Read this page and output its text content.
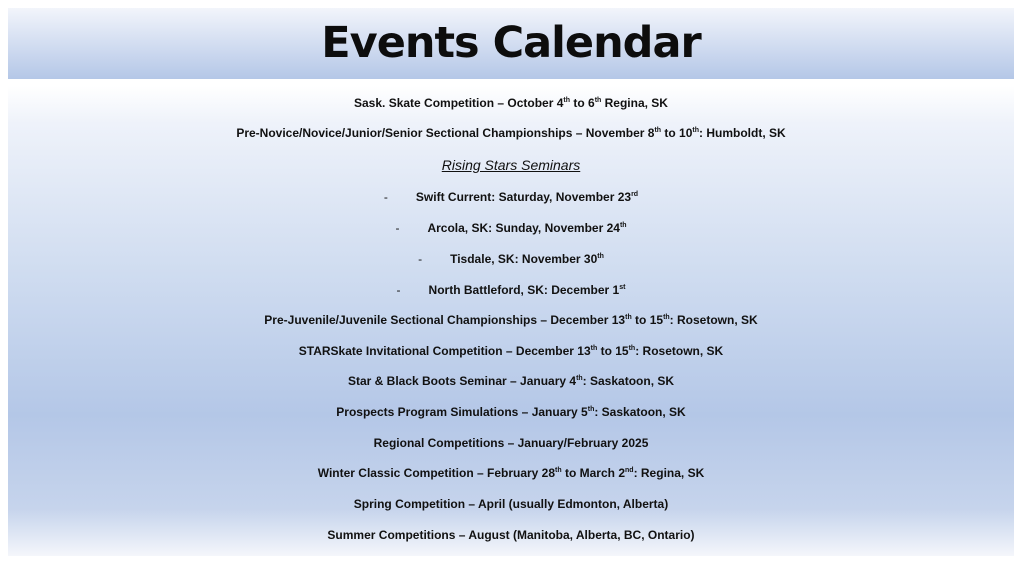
Events Calendar
Sask. Skate Competition – October 4th to 6th Regina, SK
Pre-Novice/Novice/Junior/Senior Sectional Championships – November 8th to 10th: Humboldt, SK
Rising Stars Seminars
- Swift Current: Saturday, November 23rd
- Arcola, SK: Sunday, November 24th
- Tisdale, SK: November 30th
- North Battleford, SK: December 1st
Pre-Juvenile/Juvenile Sectional Championships – December 13th to 15th: Rosetown, SK
STARSkate Invitational Competition – December 13th to 15th: Rosetown, SK
Star & Black Boots Seminar – January 4th: Saskatoon, SK
Prospects Program Simulations – January 5th: Saskatoon, SK
Regional Competitions – January/February 2025
Winter Classic Competition – February 28th to March 2nd: Regina, SK
Spring Competition – April (usually Edmonton, Alberta)
Summer Competitions – August (Manitoba, Alberta, BC, Ontario)
